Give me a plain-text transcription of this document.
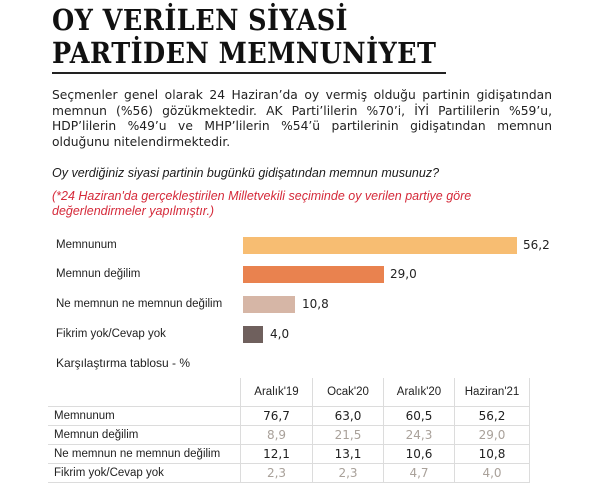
OY VERİLEN SİYASİ
PARTİDEN MEMNUNİYET
Seçmenler genel olarak 24 Haziran’da oy vermiş olduğu partinin gidişatından memnun (%56) gözükmektedir. AK Parti’lilerin %70’i, İYİ Partililerin %59’u, HDP’lilerin %49’u ve MHP’lilerin %54’ü partilerinin gidişatından memnun olduğunu nitelendirmektedir.
Oy verdiğiniz siyasi partinin bugünkü gidişatından memnun musunuz?
(*24 Haziran'da gerçekleştirilen Milletvekili seçiminde oy verilen partiye göre değerlendirmeler yapılmıştır.)
Memnunum	56,2
Memnun değilim	29,0
Ne memnun ne memnun değilim	10,8
Fikrim yok/Cevap yok	4,0
Karşılaştırma tablosu - %
	Aralık'19	Ocak'20	Aralık'20	Haziran'21
Memnunum	76,7	63,0	60,5	56,2
Memnun değilim	8,9	21,5	24,3	29,0
Ne memnun ne memnun değilim	12,1	13,1	10,6	10,8
Fikrim yok/Cevap yok	2,3	2,3	4,7	4,0
